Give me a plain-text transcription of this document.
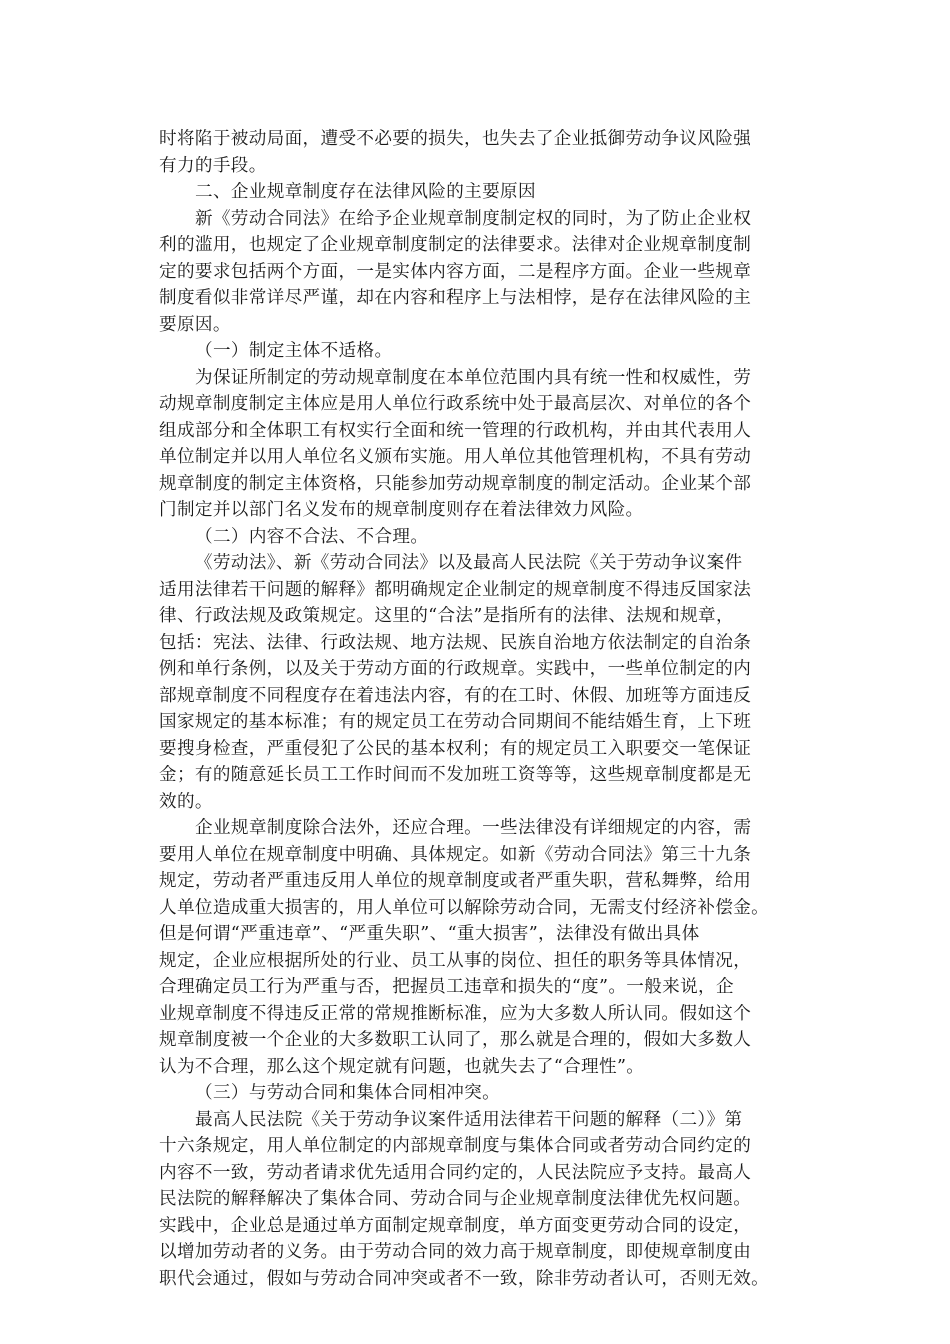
时将陷于被动局面，遭受不必要的损失，也失去了企业抵御劳动争议风险强
有力的手段。
二、企业规章制度存在法律风险的主要原因
新《劳动合同法》在给予企业规章制度制定权的同时，为了防止企业权
利的滥用，也规定了企业规章制度制定的法律要求。法律对企业规章制度制
定的要求包括两个方面，一是实体内容方面，二是程序方面。企业一些规章
制度看似非常详尽严谨，却在内容和程序上与法相悖，是存在法律风险的主
要原因。
（一）制定主体不适格。
为保证所制定的劳动规章制度在本单位范围内具有统一性和权威性，劳
动规章制度制定主体应是用人单位行政系统中处于最高层次、对单位的各个
组成部分和全体职工有权实行全面和统一管理的行政机构，并由其代表用人
单位制定并以用人单位名义颁布实施。用人单位其他管理机构，不具有劳动
规章制度的制定主体资格，只能参加劳动规章制度的制定活动。企业某个部
门制定并以部门名义发布的规章制度则存在着法律效力风险。
（二）内容不合法、不合理。
《劳动法》、新《劳动合同法》以及最高人民法院《关于劳动争议案件
适用法律若干问题的解释》都明确规定企业制定的规章制度不得违反国家法
律、行政法规及政策规定。这里的“合法”是指所有的法律、法规和规章，
包括：宪法、法律、行政法规、地方法规、民族自治地方依法制定的自治条
例和单行条例，以及关于劳动方面的行政规章。实践中，一些单位制定的内
部规章制度不同程度存在着违法内容，有的在工时、休假、加班等方面违反
国家规定的基本标准；有的规定员工在劳动合同期间不能结婚生育，上下班
要搜身检查，严重侵犯了公民的基本权利；有的规定员工入职要交一笔保证
金；有的随意延长员工工作时间而不发加班工资等等，这些规章制度都是无
效的。
企业规章制度除合法外，还应合理。一些法律没有详细规定的内容，需
要用人单位在规章制度中明确、具体规定。如新《劳动合同法》第三十九条
规定，劳动者严重违反用人单位的规章制度或者严重失职，营私舞弊，给用
人单位造成重大损害的，用人单位可以解除劳动合同，无需支付经济补偿金。
但是何谓“严重违章”、“严重失职”、“重大损害”，法律没有做出具体
规定，企业应根据所处的行业、员工从事的岗位、担任的职务等具体情况，
合理确定员工行为严重与否，把握员工违章和损失的“度”。一般来说，企
业规章制度不得违反正常的常规推断标准，应为大多数人所认同。假如这个
规章制度被一个企业的大多数职工认同了，那么就是合理的，假如大多数人
认为不合理，那么这个规定就有问题，也就失去了“合理性”。
（三）与劳动合同和集体合同相冲突。
最高人民法院《关于劳动争议案件适用法律若干问题的解释（二）》第
十六条规定，用人单位制定的内部规章制度与集体合同或者劳动合同约定的
内容不一致，劳动者请求优先适用合同约定的，人民法院应予支持。最高人
民法院的解释解决了集体合同、劳动合同与企业规章制度法律优先权问题。
实践中，企业总是通过单方面制定规章制度，单方面变更劳动合同的设定，
以增加劳动者的义务。由于劳动合同的效力高于规章制度，即使规章制度由
职代会通过，假如与劳动合同冲突或者不一致，除非劳动者认可，否则无效。
